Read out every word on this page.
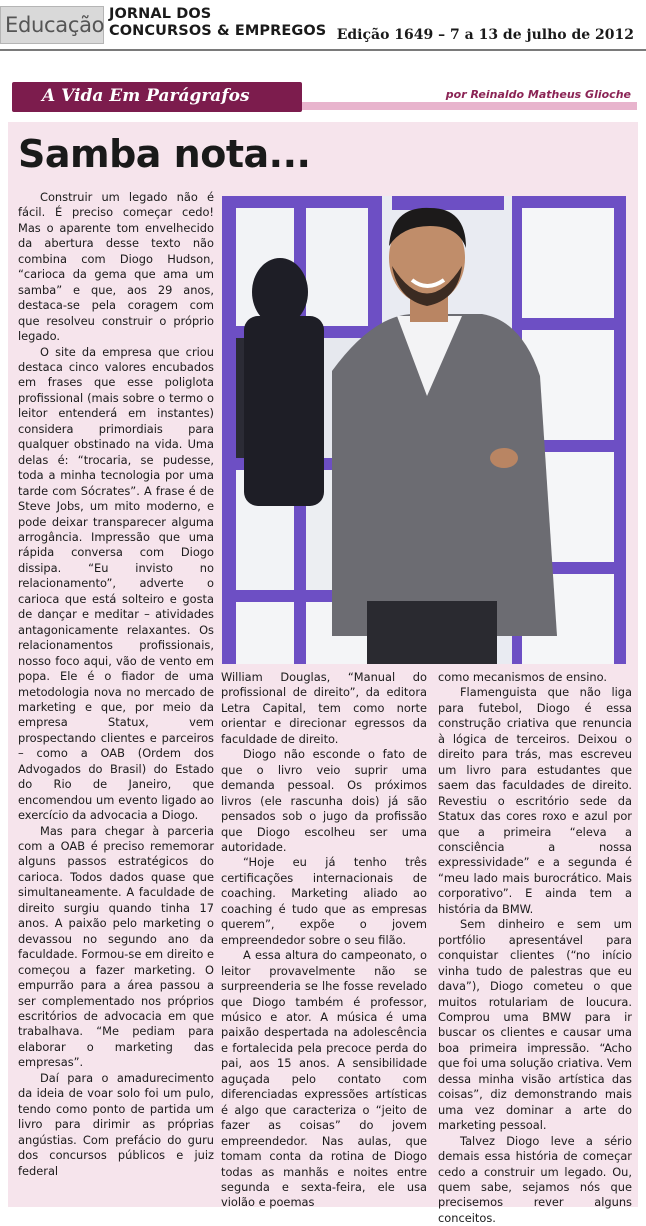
Educação JORNAL DOS
CONCURSOS & EMPREGOS Edição 1649 – 7 a 13 de julho de 2012
A Vida Em Parágrafos	por Reinaldo Matheus Glioche
Samba nota...

Construir um legado não é fácil. É preciso começar cedo! Mas o aparente tom envelhecido da abertura desse texto não combina com Diogo Hudson, “carioca da gema que ama um samba” e que, aos 29 anos, destaca-se pela coragem com que resolveu construir o próprio legado.

O site da empresa que criou destaca cinco valores encubados em frases que esse poliglota profissional (mais sobre o termo o leitor entenderá em instantes) considera primordiais para qualquer obstinado na vida. Uma delas é: “trocaria, se pudesse, toda a minha tecnologia por uma tarde com Sócrates”. A frase é de Steve Jobs, um mito moderno, e pode deixar transparecer alguma arrogância. Impressão que uma rápida conversa com Diogo dissipa. “Eu invisto no relacionamento”, adverte o carioca que está solteiro e gosta de dançar e meditar – atividades antagonicamente relaxantes. Os relacionamentos profissionais, nosso foco aqui, vão de vento em popa. Ele é o fiador de uma metodologia nova no mercado de marketing e que, por meio da empresa Statux, vem prospectando clientes e parceiros – como a OAB (Ordem dos Advogados do Brasil) do Estado do Rio de Janeiro, que encomendou um evento ligado ao exercício da advocacia a Diogo.

Mas para chegar à parceria com a OAB é preciso rememorar alguns passos estratégicos do carioca. Todos dados quase que simultaneamente. A faculdade de direito surgiu quando tinha 17 anos. A paixão pelo marketing o devassou no segundo ano da faculdade. Formou-se em direito e começou a fazer marketing. O empurrão para a área passou a ser complementado nos próprios escritórios de advocacia em que trabalhava. “Me pediam para elaborar o marketing das empresas”.

Daí para o amadurecimento da ideia de voar solo foi um pulo, tendo como ponto de partida um livro para dirimir as próprias angústias. Com prefácio do guru dos concursos públicos e juiz federal

William Douglas, “Manual do profissional de direito”, da editora Letra Capital, tem como norte orientar e direcionar egressos da faculdade de direito.

Diogo não esconde o fato de que o livro veio suprir uma demanda pessoal. Os próximos livros (ele rascunha dois) já são pensados sob o jugo da profissão que Diogo escolheu ser uma autoridade.

“Hoje eu já tenho três certificações internacionais de coaching. Marketing aliado ao coaching é tudo que as empresas querem”, expõe o jovem empreendedor sobre o seu filão.

A essa altura do campeonato, o leitor provavelmente não se surpreenderia se lhe fosse revelado que Diogo também é professor, músico e ator. A música é uma paixão despertada na adolescência e fortalecida pela precoce perda do pai, aos 15 anos. A sensibilidade aguçada pelo contato com diferenciadas expressões artísticas é algo que caracteriza o “jeito de fazer as coisas” do jovem empreendedor. Nas aulas, que tomam conta da rotina de Diogo todas as manhãs e noites entre segunda e sexta-feira, ele usa violão e poemas

como mecanismos de ensino.

Flamenguista que não liga para futebol, Diogo é essa construção criativa que renuncia à lógica de terceiros. Deixou o direito para trás, mas escreveu um livro para estudantes que saem das faculdades de direito. Revestiu o escritório sede da Statux das cores roxo e azul por que a primeira “eleva a consciência a nossa expressividade” e a segunda é “meu lado mais burocrático. Mais corporativo”. E ainda tem a história da BMW.

Sem dinheiro e sem um portfólio apresentável para conquistar clientes (“no início vinha tudo de palestras que eu dava”), Diogo cometeu o que muitos rotulariam de loucura. Comprou uma BMW para ir buscar os clientes e causar uma boa primeira impressão. “Acho que foi uma solução criativa. Vem dessa minha visão artística das coisas”, diz demonstrando mais uma vez dominar a arte do marketing pessoal.

Talvez Diogo leve a sério demais essa história de começar cedo a construir um legado. Ou, quem sabe, sejamos nós que precisemos rever alguns conceitos.
